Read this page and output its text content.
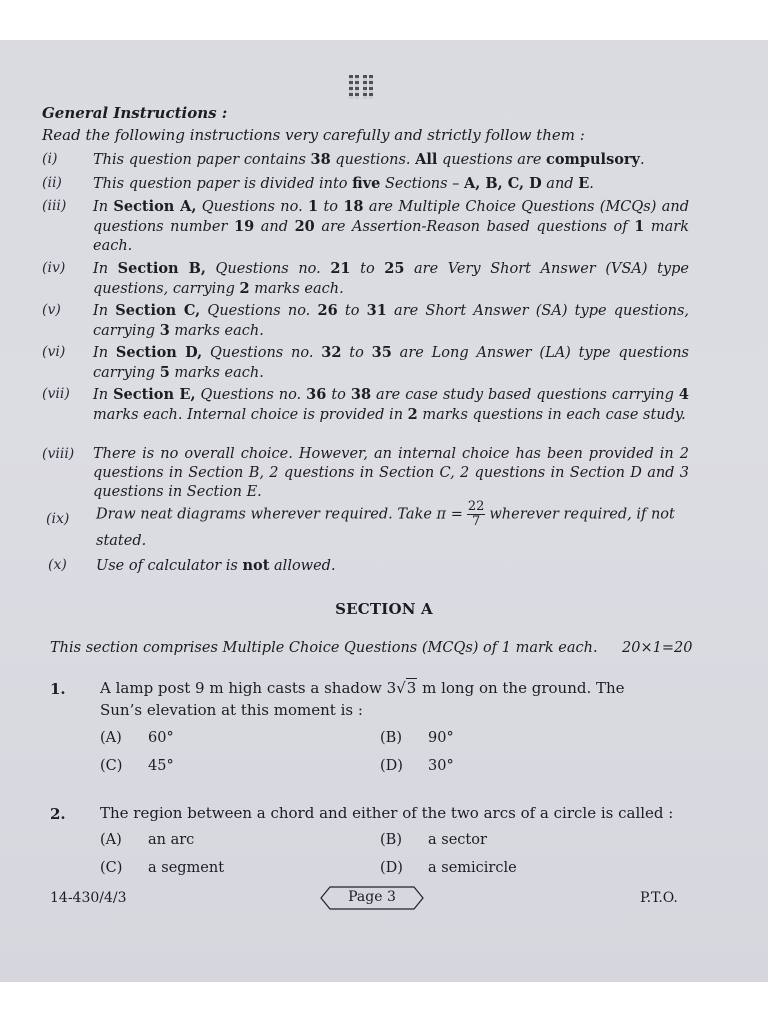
General Instructions :
Read the following instructions very carefully and strictly follow them :
(i) This question paper contains 38 questions. All questions are compulsory.
(ii) This question paper is divided into five Sections – A, B, C, D and E.
(iii) In Section A, Questions no. 1 to 18 are Multiple Choice Questions (MCQs) and questions number 19 and 20 are Assertion-Reason based questions of 1 mark each.
(iv) In Section B, Questions no. 21 to 25 are Very Short Answer (VSA) type questions, carrying 2 marks each.
(v) In Section C, Questions no. 26 to 31 are Short Answer (SA) type questions, carrying 3 marks each.
(vi) In Section D, Questions no. 32 to 35 are Long Answer (LA) type questions carrying 5 marks each.
(vii) In Section E, Questions no. 36 to 38 are case study based questions carrying 4 marks each. Internal choice is provided in 2 marks questions in each case study.
(viii) There is no overall choice. However, an internal choice has been provided in 2 questions in Section B, 2 questions in Section C, 2 questions in Section D and 3 questions in Section E.
(ix) Draw neat diagrams wherever required. Take $\pi = \frac{22}{7}$ wherever required, if not
stated.
(x) Use of calculator is not allowed.
SECTION A
This section comprises Multiple Choice Questions (MCQs) of 1 mark each. 20×1=20
1. A lamp post 9 m high casts a shadow 3√3 m long on the ground. The
Sun’s elevation at this moment is :
(A) 60°	(B) 90°
(C) 45°	(D) 30°
2. The region between a chord and either of the two arcs of a circle is called :
(A) an arc	(B) a sector
(C) a segment	(D) a semicircle
14-430/4/3	Page 3	P.T.O.
